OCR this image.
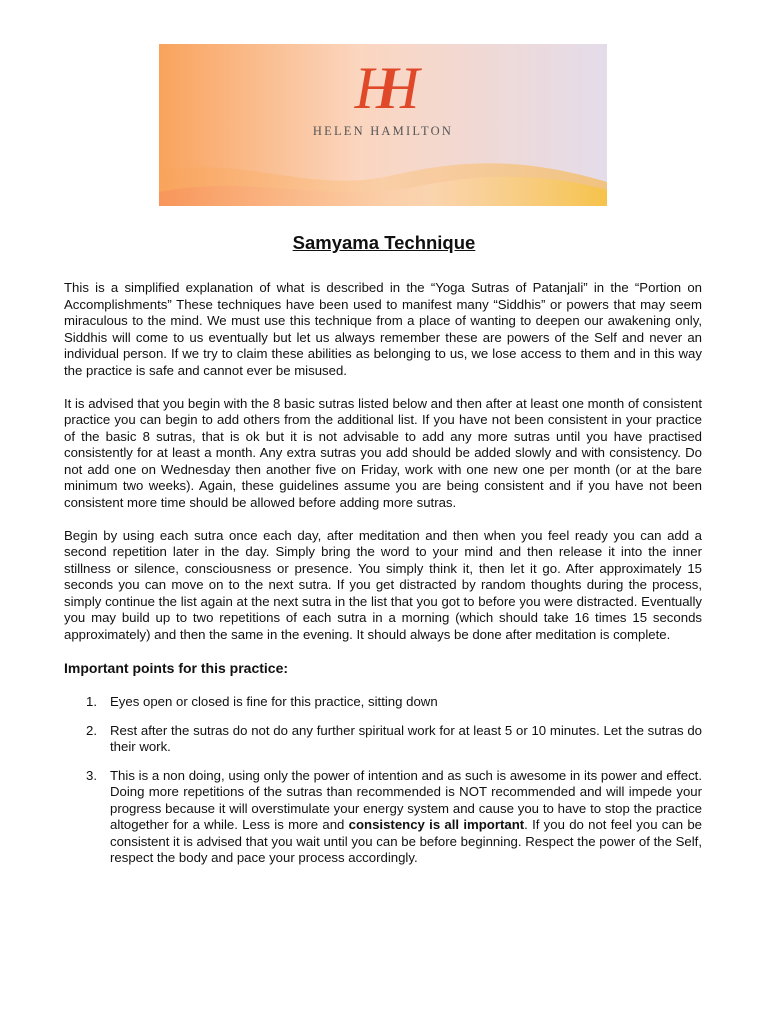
HH
HELEN HAMILTON
Samyama Technique

This is a simplified explanation of what is described in the “Yoga Sutras of Patanjali” in the “Portion on Accomplishments” These techniques have been used to manifest many “Siddhis” or powers that may seem miraculous to the mind. We must use this technique from a place of wanting to deepen our awakening only, Siddhis will come to us eventually but let us always remember these are powers of the Self and never an individual person. If we try to claim these abilities as belonging to us, we lose access to them and in this way the practice is safe and cannot ever be misused.

It is advised that you begin with the 8 basic sutras listed below and then after at least one month of consistent practice you can begin to add others from the additional list. If you have not been consistent in your practice of the basic 8 sutras, that is ok but it is not advisable to add any more sutras until you have practised consistently for at least a month. Any extra sutras you add should be added slowly and with consistency. Do not add one on Wednesday then another five on Friday, work with one new one per month (or at the bare minimum two weeks). Again, these guidelines assume you are being consistent and if you have not been consistent more time should be allowed before adding more sutras.

Begin by using each sutra once each day, after meditation and then when you feel ready you can add a second repetition later in the day. Simply bring the word to your mind and then release it into the inner stillness or silence, consciousness or presence. You simply think it, then let it go. After approximately 15 seconds you can move on to the next sutra. If you get distracted by random thoughts during the process, simply continue the list again at the next sutra in the list that you got to before you were distracted. Eventually you may build up to two repetitions of each sutra in a morning (which should take 16 times 15 seconds approximately) and then the same in the evening. It should always be done after meditation is complete.

Important points for this practice:
1. Eyes open or closed is fine for this practice, sitting down
2. Rest after the sutras do not do any further spiritual work for at least 5 or 10 minutes. Let the sutras do their work.
3. This is a non doing, using only the power of intention and as such is awesome in its power and effect. Doing more repetitions of the sutras than recommended is NOT recommended and will impede your progress because it will overstimulate your energy system and cause you to have to stop the practice altogether for a while. Less is more and consistency is all important. If you do not feel you can be consistent it is advised that you wait until you can be before beginning. Respect the power of the Self, respect the body and pace your process accordingly.
